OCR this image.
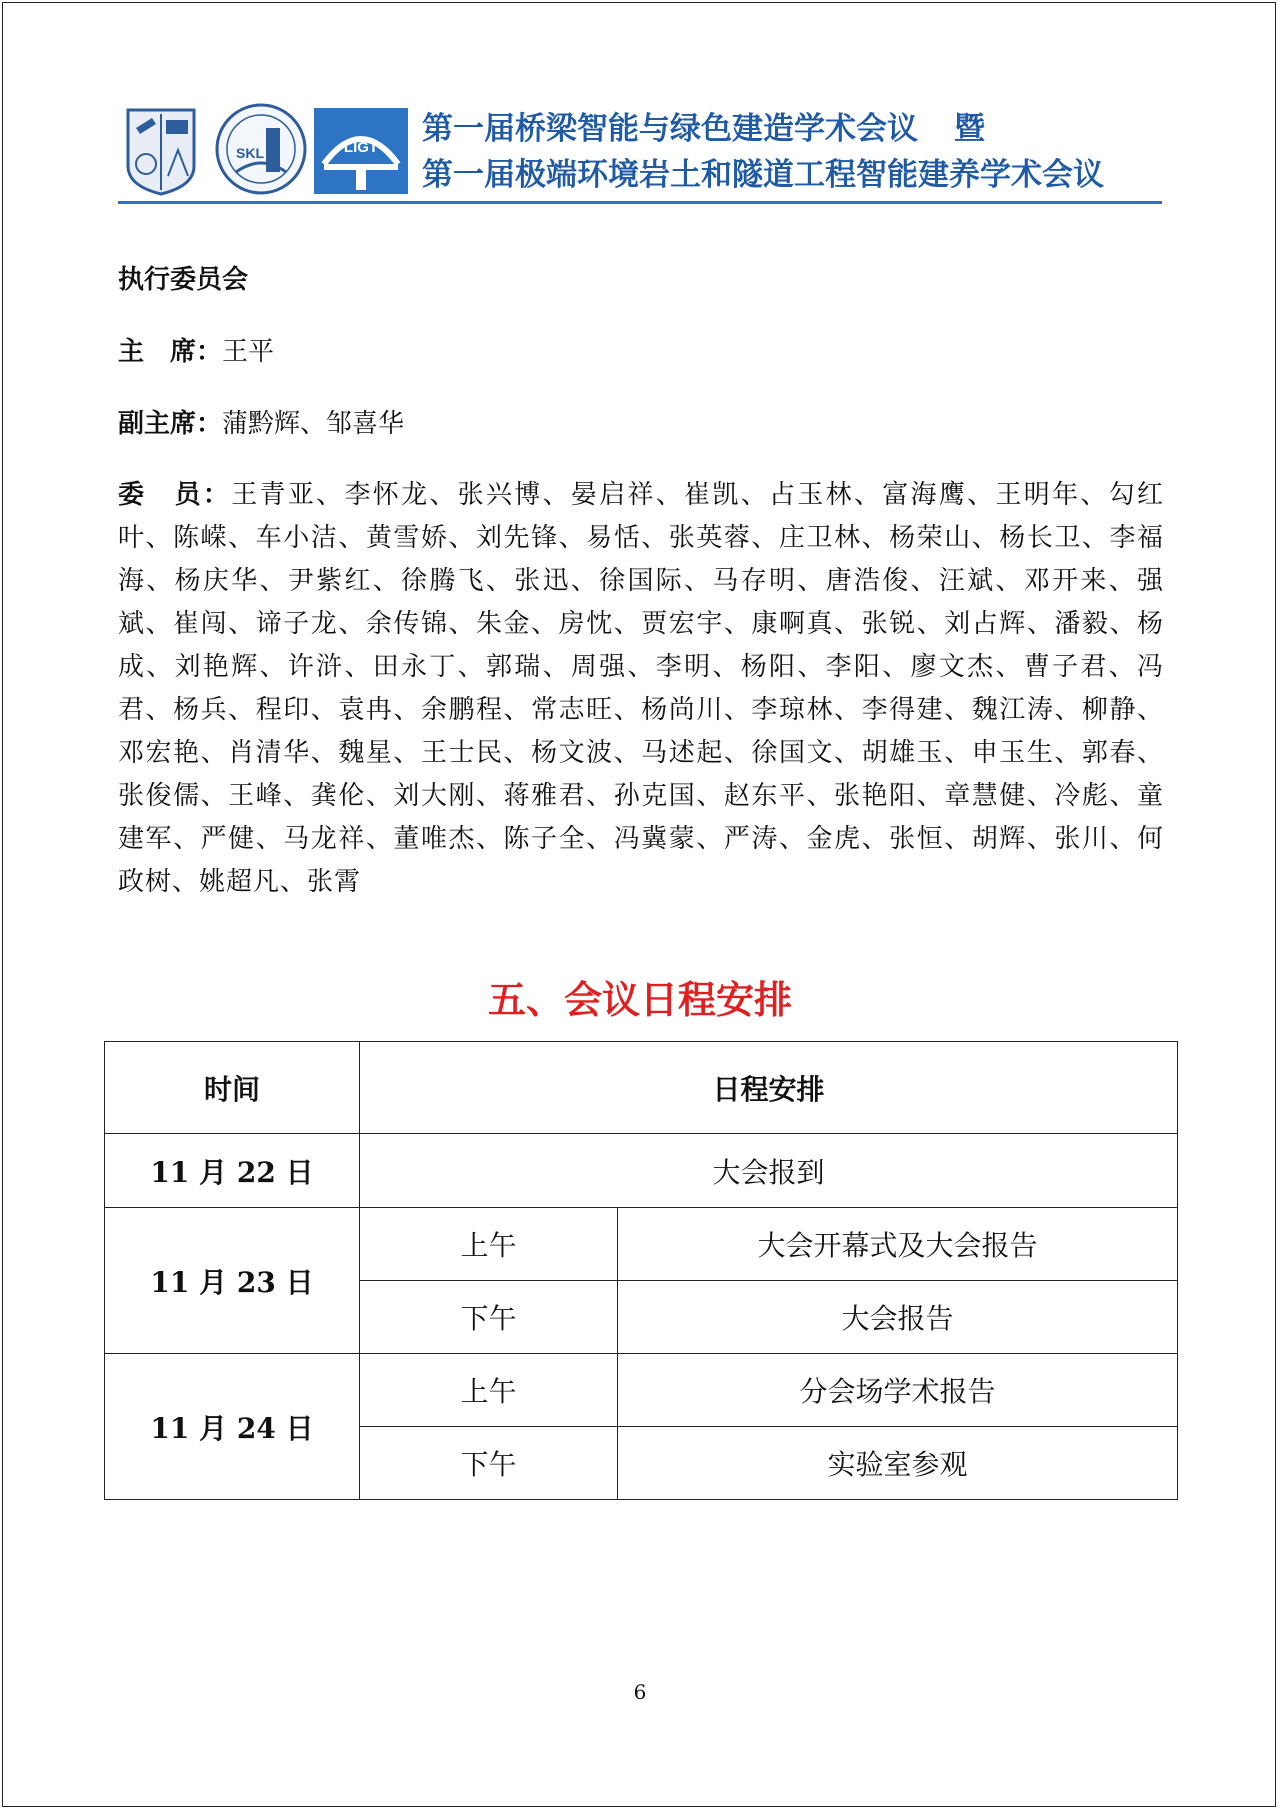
SKL	LIGT
第一届桥梁智能与绿色建造学术会议 暨
第一届极端环境岩土和隧道工程智能建养学术会议
执行委员会
主　席：王平
副主席：蒲黔辉、邹喜华
委　员：王青亚、李怀龙、张兴博、晏启祥、崔凯、占玉林、富海鹰、王明年、勾红叶、陈嵘、车小洁、黄雪娇、刘先锋、易恬、张英蓉、庄卫林、杨荣山、杨长卫、李福海、杨庆华、尹紫红、徐腾飞、张迅、徐国际、马存明、唐浩俊、汪斌、邓开来、强斌、崔闯、谛子龙、余传锦、朱金、房忱、贾宏宇、康啊真、张锐、刘占辉、潘毅、杨成、刘艳辉、许浒、田永丁、郭瑞、周强、李明、杨阳、李阳、廖文杰、曹子君、冯君、杨兵、程印、袁冉、余鹏程、常志旺、杨尚川、李琼林、李得建、魏江涛、柳静、邓宏艳、肖清华、魏星、王士民、杨文波、马述起、徐国文、胡雄玉、申玉生、郭春、张俊儒、王峰、龚伦、刘大刚、蒋雅君、孙克国、赵东平、张艳阳、章慧健、冷彪、童建军、严健、马龙祥、董唯杰、陈子全、冯冀蒙、严涛、金虎、张恒、胡辉、张川、何政树、姚超凡、张霄
五、会议日程安排
时间	日程安排	
11 月 22 日	大会报到	
11 月 23 日	上午	大会开幕式及大会报告
	下午	大会报告
11 月 24 日	上午	分会场学术报告
	下午	实验室参观
6
